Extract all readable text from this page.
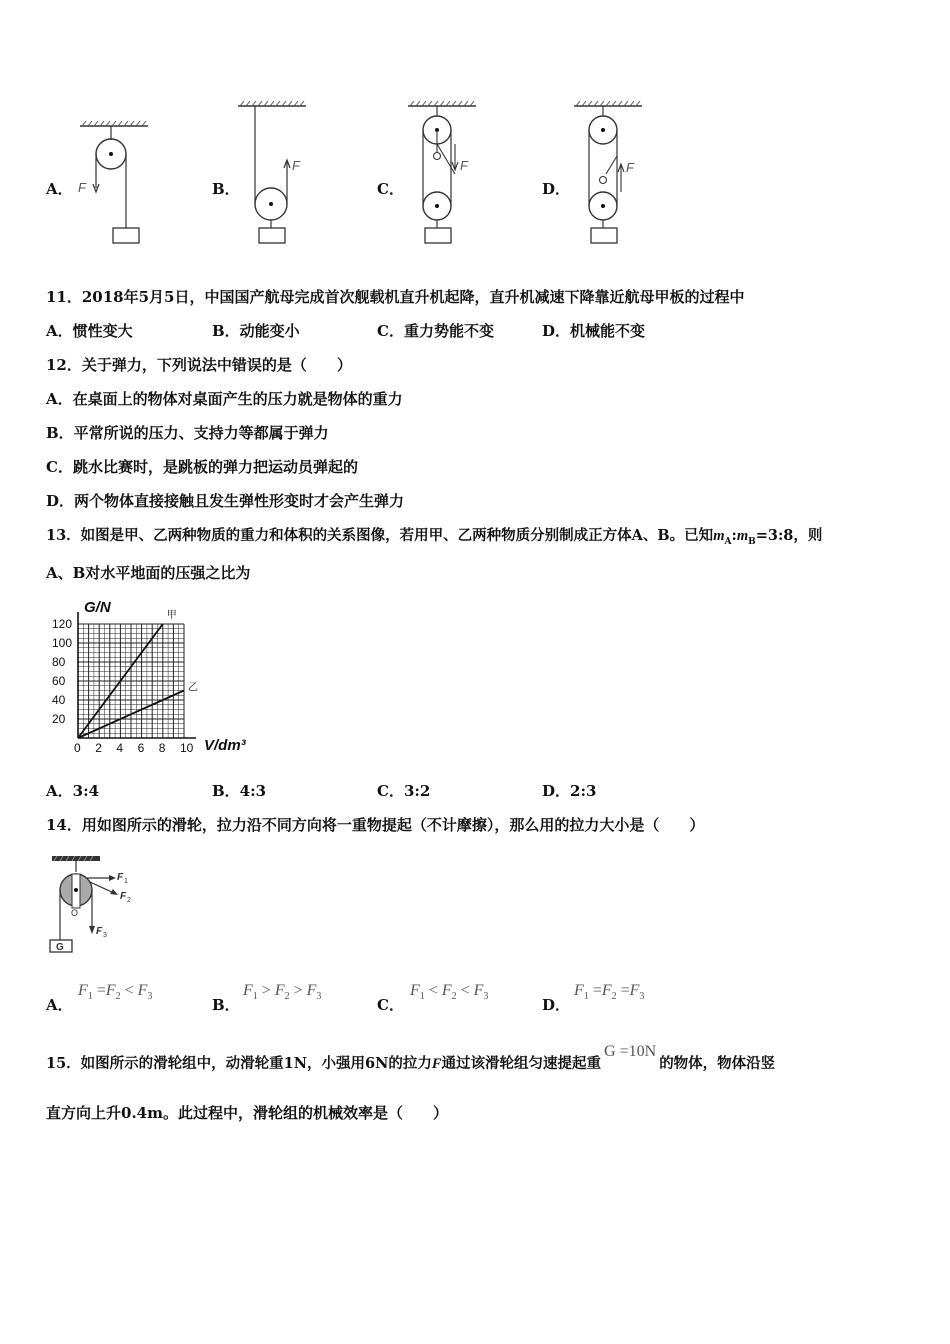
A． F	B．
F
C．
F
D．
F
11．2018年5月5日，中国国产航母完成首次舰载机直升机起降，直升机减速下降靠近航母甲板的过程中
A．惯性变大	B．动能变小	C．重力势能不变	D．机械能不变
12．关于弹力，下列说法中错误的是（　　）
A．在桌面上的物体对桌面产生的压力就是物体的重力
B．平常所说的压力、支持力等都属于弹力
C．跳水比赛时，是跳板的弹力把运动员弹起的
D．两个物体直接接触且发生弹性形变时才会产生弹力
13．如图是甲、乙两种物质的重力和体积的关系图像，若用甲、乙两种物质分别制成正方体A、B。已知$m_A:m_B=3:8$，则
A、B对水平地面的压强之比为
0 2 4 6 8 10
20
40
60
80
100
120
G/N
V/dm³
甲
乙
A．3:4	B．4:3	C．3:2	D．2:3
14．用如图所示的滑轮，拉力沿不同方向将一重物提起（不计摩擦），那么用的拉力大小是（　　）
O
G
F 1
F 2
F 3
A．
$F_1 =F_2 < F_3$	B．
$F_1 > F_2 > F_3$	C．
$F_1 < F_2 < F_3$	D．
$F_1 =F_2 =F_3$
15．如图所示的滑轮组中，动滑轮重1N，小强用6N的拉力F通过该滑轮组匀速提起重G =10N的物体，物体沿竖
直方向上升0.4m。此过程中，滑轮组的机械效率是（　　）
